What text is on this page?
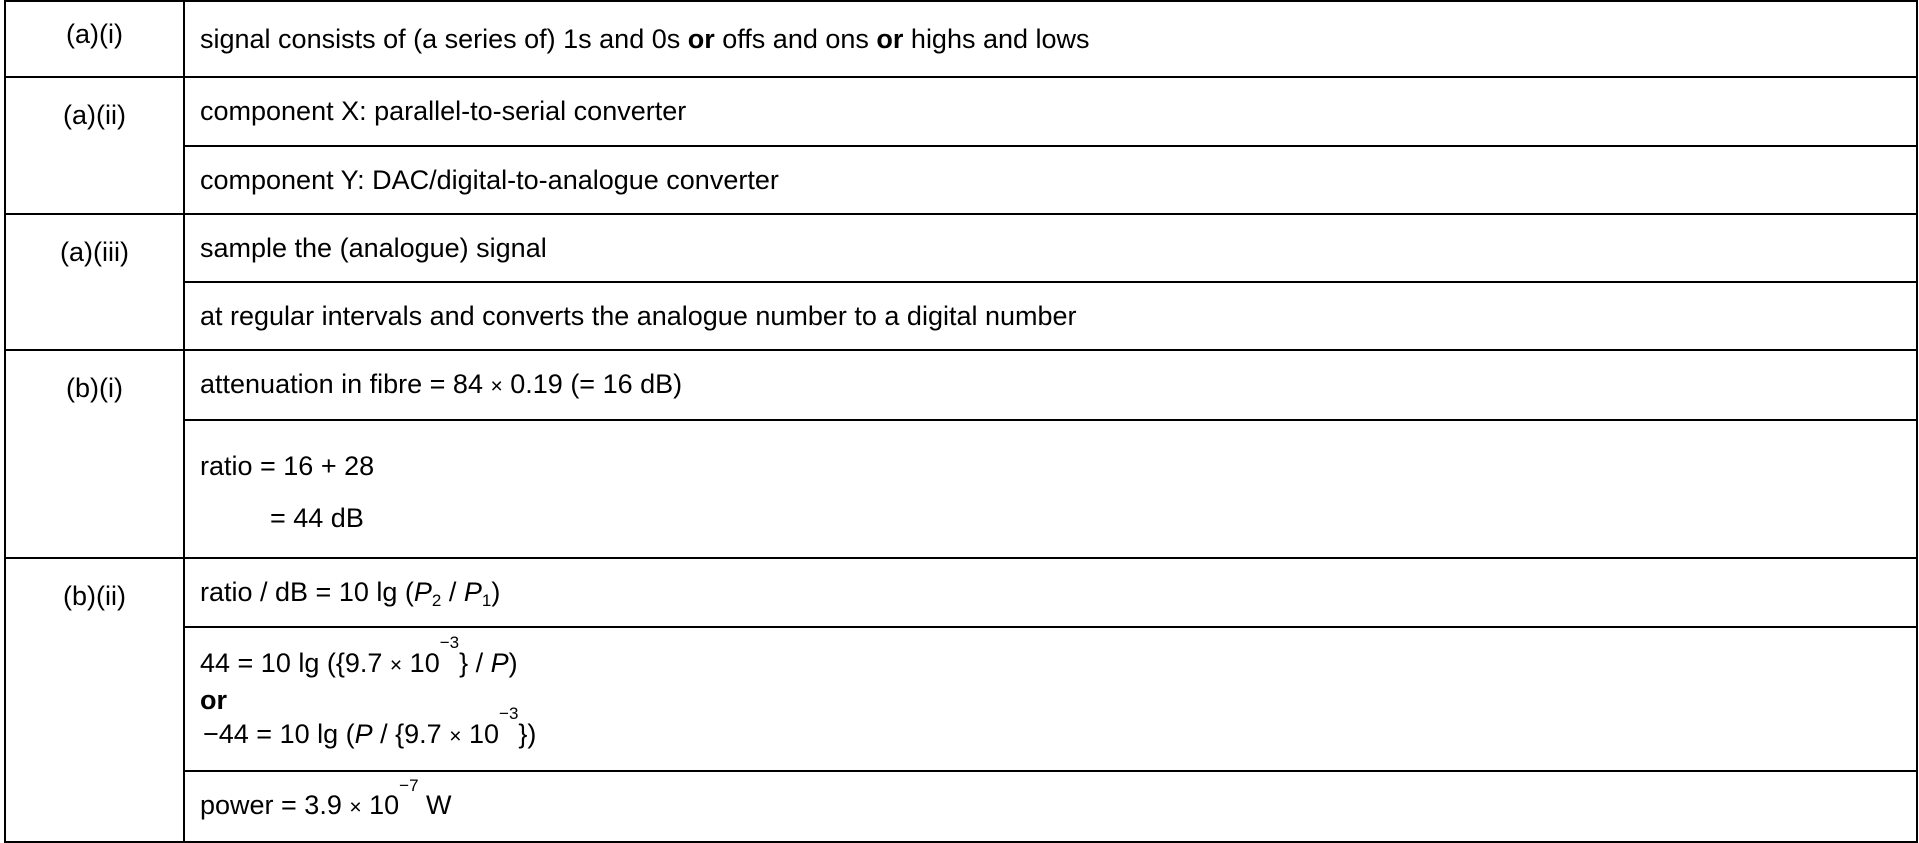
(a)(i)	signal consists of (a series of) 1s and 0s or offs and ons or highs and lows
(a)(ii)	component X: parallel-to-serial converter
	component Y: DAC/digital-to-analogue converter
(a)(iii)	sample the (analogue) signal
	at regular intervals and converts the analogue number to a digital number
(b)(i)	attenuation in fibre = 84 × 0.19 (= 16 dB)

	ratio = 16 + 28
= 44 dB

(b)(ii)	ratio / dB = 10 $\lg (P_2 / P_1)$

	44 = 10 $\lg (\{9.7 \times 10^{-3}\} / P)$
or
−44 = 10 $\lg (P / \{9.7 \times 10^{-3}\})$

	power = $3.9 \times 10^{-7}$ W
